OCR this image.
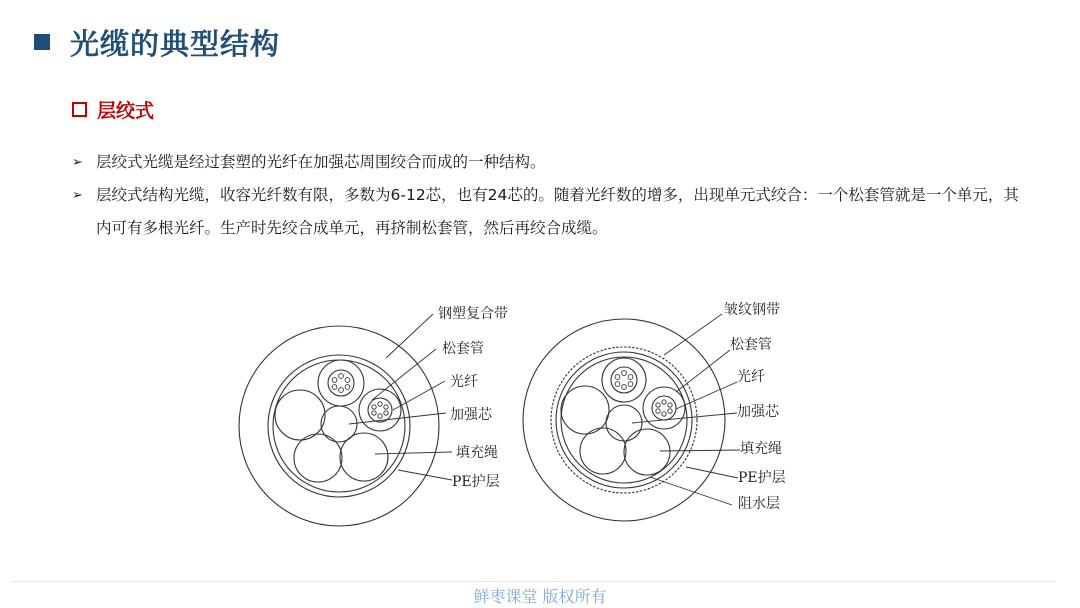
光缆的典型结构
层绞式
➢ 层绞式光缆是经过套塑的光纤在加强芯周围绞合而成的一种结构。
➢ 层绞式结构光缆，收容光纤数有限，多数为6-12芯，也有24芯的。随着光纤数的增多，出现单元式绞合：一个松套管就是一个单元，其内可有多根光纤。生产时先绞合成单元，再挤制松套管，然后再绞合成缆。
钢塑复合带
松套管
光纤
加强芯
填充绳
PE护层
皱纹钢带
松套管
光纤
加强芯
填充绳
PE护层
阻水层
鲜枣课堂 版权所有
